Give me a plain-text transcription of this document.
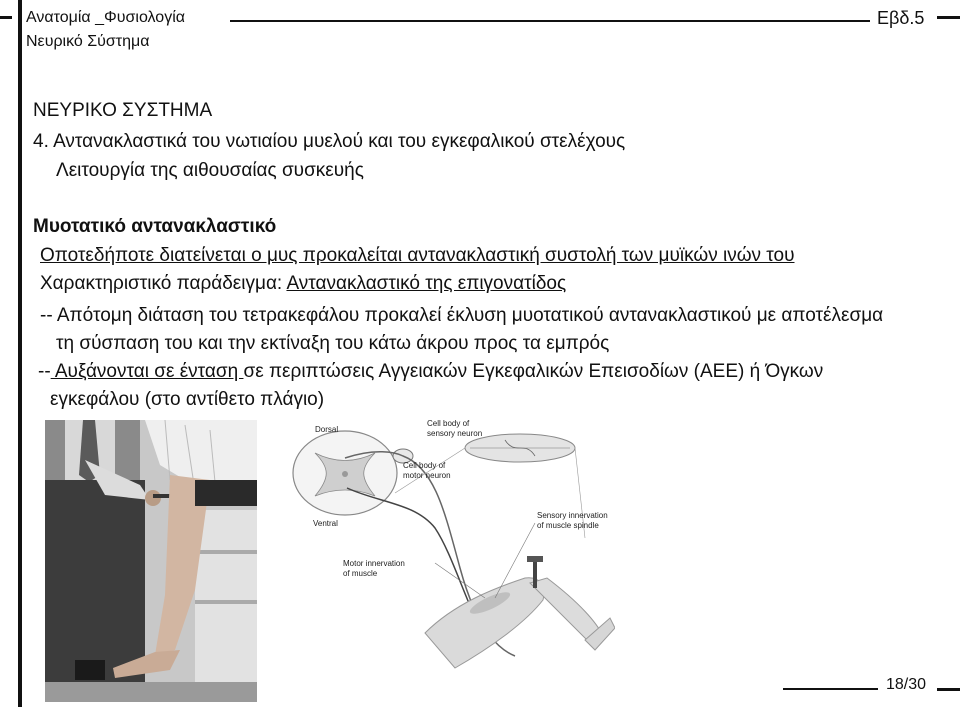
Ανατομία _Φυσιολογία
Νευρικό Σύστημα
Εβδ.5
ΝΕΥΡΙΚΟ ΣΥΣΤΗΜΑ
4. Αντανακλαστικά του νωτιαίου μυελού και του εγκεφαλικού στελέχους
Λειτουργία της αιθουσαίας συσκευής
Μυοτατικό αντανακλαστικό
Οποτεδήποτε διατείνεται ο μυς προκαλείται αντανακλαστική συστολή των μυϊκών ινών του
Χαρακτηριστικό παράδειγμα: Αντανακλαστικό της επιγονατίδος
-- Απότομη διάταση του τετρακεφάλου προκαλεί έκλυση μυοτατικού αντανακλαστικού με αποτέλεσμα
τη σύσπαση του και την εκτίναξη του κάτω άκρου προς τα εμπρός
-- Αυξάνονται σε ένταση σε περιπτώσεις Αγγειακών Εγκεφαλικών Επεισοδίων (ΑΕΕ) ή Όγκων
εγκεφάλου (στο αντίθετο πλάγιο)
Dorsal
Ventral
Cell body of
sensory neuron
Cell body of
motor neuron
Sensory innervation
of muscle spindle
Motor innervation
of muscle
18/30
